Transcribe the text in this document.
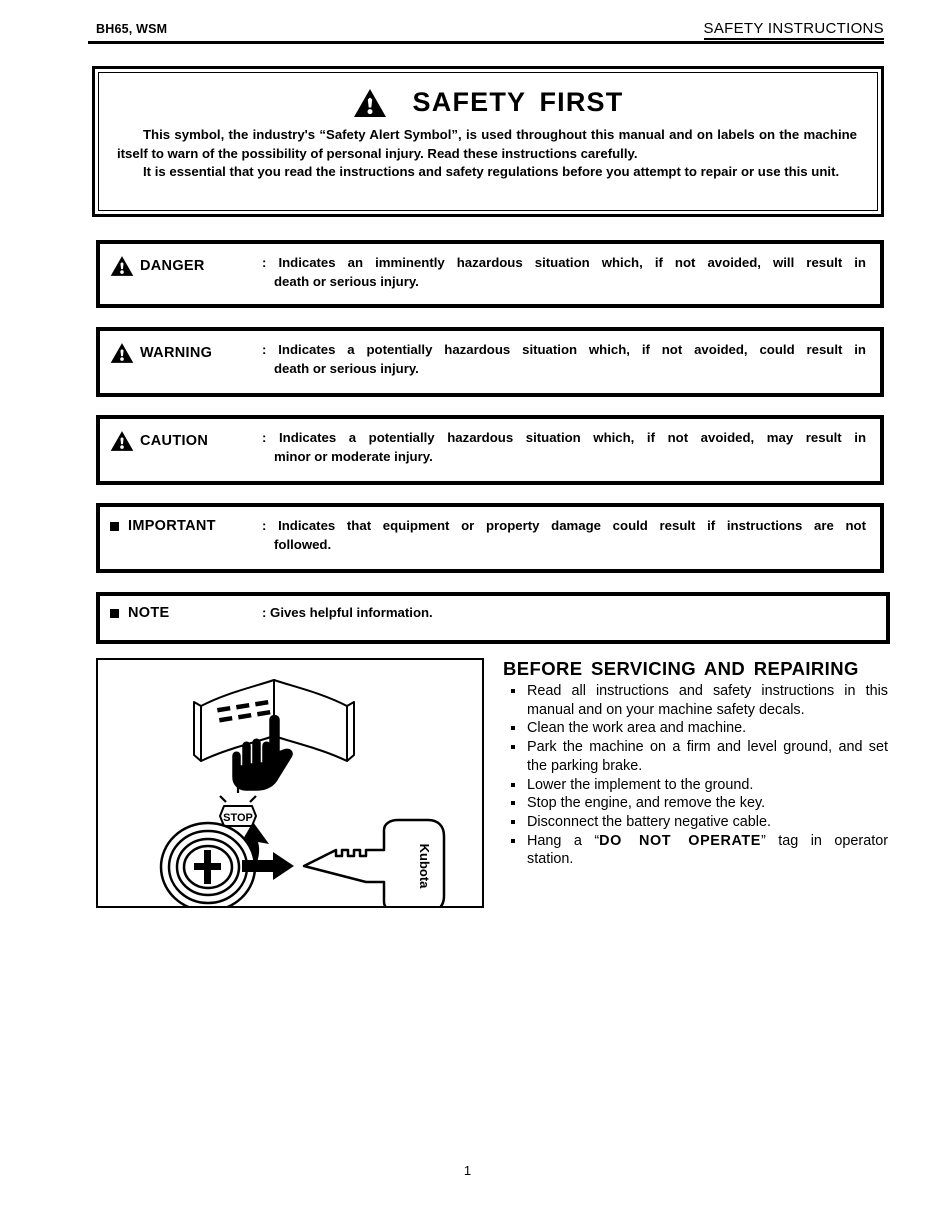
BH65, WSM	SAFETY INSTRUCTIONS
SAFETY FIRST

This symbol, the industry's “Safety Alert Symbol”, is used throughout this manual and on labels on the machine itself to warn of the possibility of personal injury. Read these instructions carefully.

It is essential that you read the instructions and safety regulations before you attempt to repair or use this unit.

DANGER	: Indicates an imminently hazardous situation which, if not avoided, will result in
death or serious injury.
WARNING	: Indicates a potentially hazardous situation which, if not avoided, could result in
death or serious injury.
CAUTION	: Indicates a potentially hazardous situation which, if not avoided, may result in
minor or moderate injury.
IMPORTANT	: Indicates that equipment or property damage could result if instructions are not
followed.
NOTE	: Gives helpful information.
STOP
Kubota
BEFORE SERVICING AND REPAIRING
Read all instructions and safety instructions in this
manual and on your machine safety decals.
Clean the work area and machine.
Park the machine on a firm and level ground, and set
the parking brake.
Lower the implement to the ground.
Stop the engine, and remove the key.
Disconnect the battery negative cable.
Hang a “DO NOT OPERATE” tag in operator
station.
1
